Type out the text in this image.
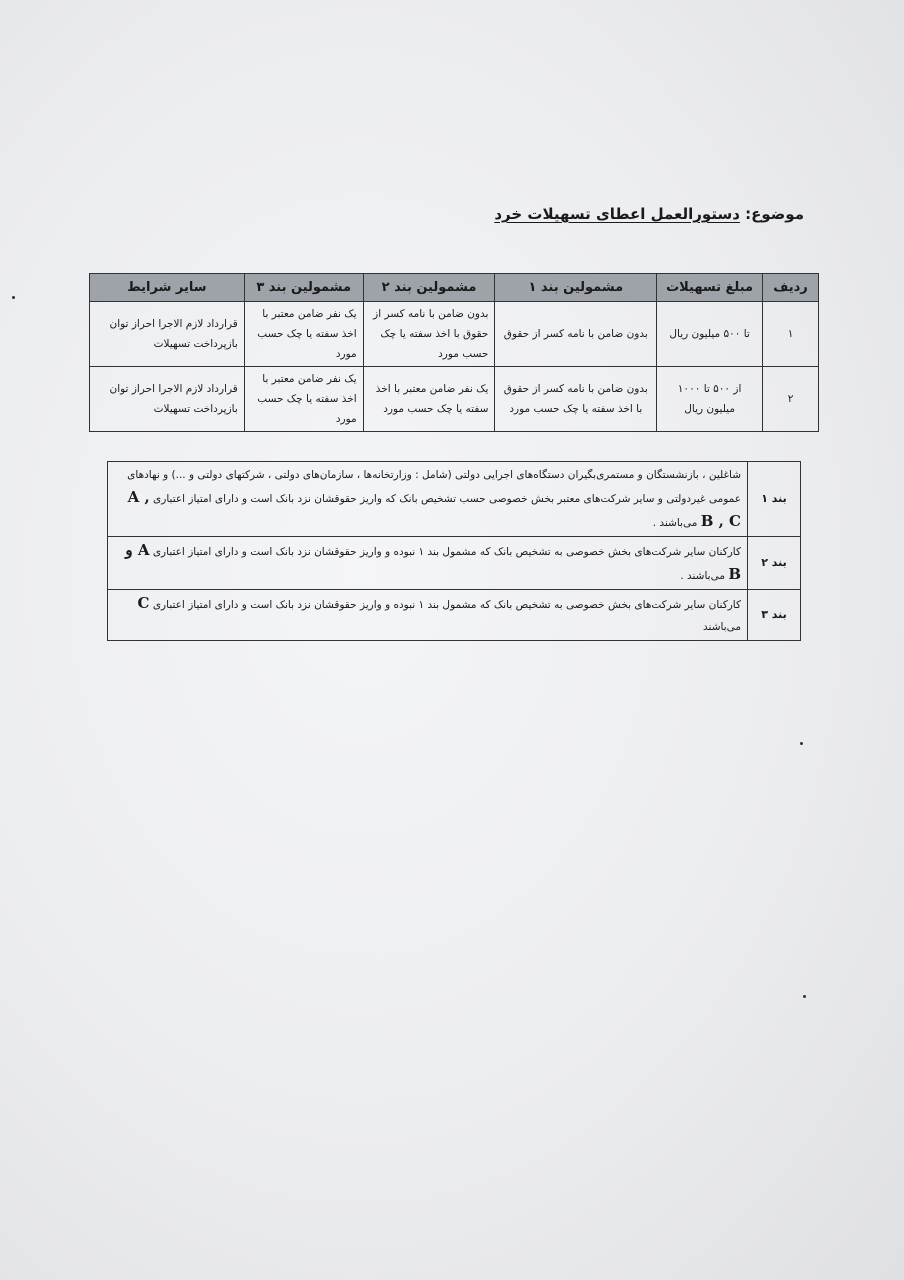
موضوع: دستورالعمل اعطای تسهیلات خرد
ردیف	مبلغ تسهیلات	مشمولین بند ۱	مشمولین بند ۲	مشمولین بند ۳	سایر شرایط
۱	تا ۵۰۰ میلیون ریال	بدون ضامن با نامه کسر از حقوق	بدون ضامن با نامه کسر از حقوق با اخذ سفته یا چک حسب مورد	یک نفر ضامن معتبر با اخذ سفته یا چک حسب مورد	قرارداد لازم الاجرا احراز توان بازپرداخت تسهیلات
۲	از ۵۰۰ تا ۱۰۰۰ میلیون ریال	بدون ضامن با نامه کسر از حقوق با اخذ سفته یا چک حسب مورد	یک نفر ضامن معتبر با اخذ سفته یا چک حسب مورد	یک نفر ضامن معتبر با اخذ سفته یا چک حسب مورد	قرارداد لازم الاجرا احراز توان بازپرداخت تسهیلات
بند ۱	شاغلین ، بازنشستگان و مستمری‌بگیران دستگاه‌های اجرایی دولتی (شامل : وزارتخانه‌ها ، سازمان‌های دولتی ، شرکتهای دولتی و ...) و نهادهای عمومی غیردولتی و سایر شرکت‌های معتبر بخش خصوصی حسب تشخیص بانک که واریز حقوقشان نزد بانک است و دارای امتیاز اعتباری A , B , C می‌باشند .
بند ۲	کارکنان سایر شرکت‌های بخش خصوصی به تشخیص بانک که مشمول بند ۱ نبوده و واریز حقوقشان نزد بانک است و دارای امتیاز اعتباری A و B می‌باشند .
بند ۳	کارکنان سایر شرکت‌های بخش خصوصی به تشخیص بانک که مشمول بند ۱ نبوده و واریز حقوقشان نزد بانک است و دارای امتیاز اعتباری C می‌باشند
